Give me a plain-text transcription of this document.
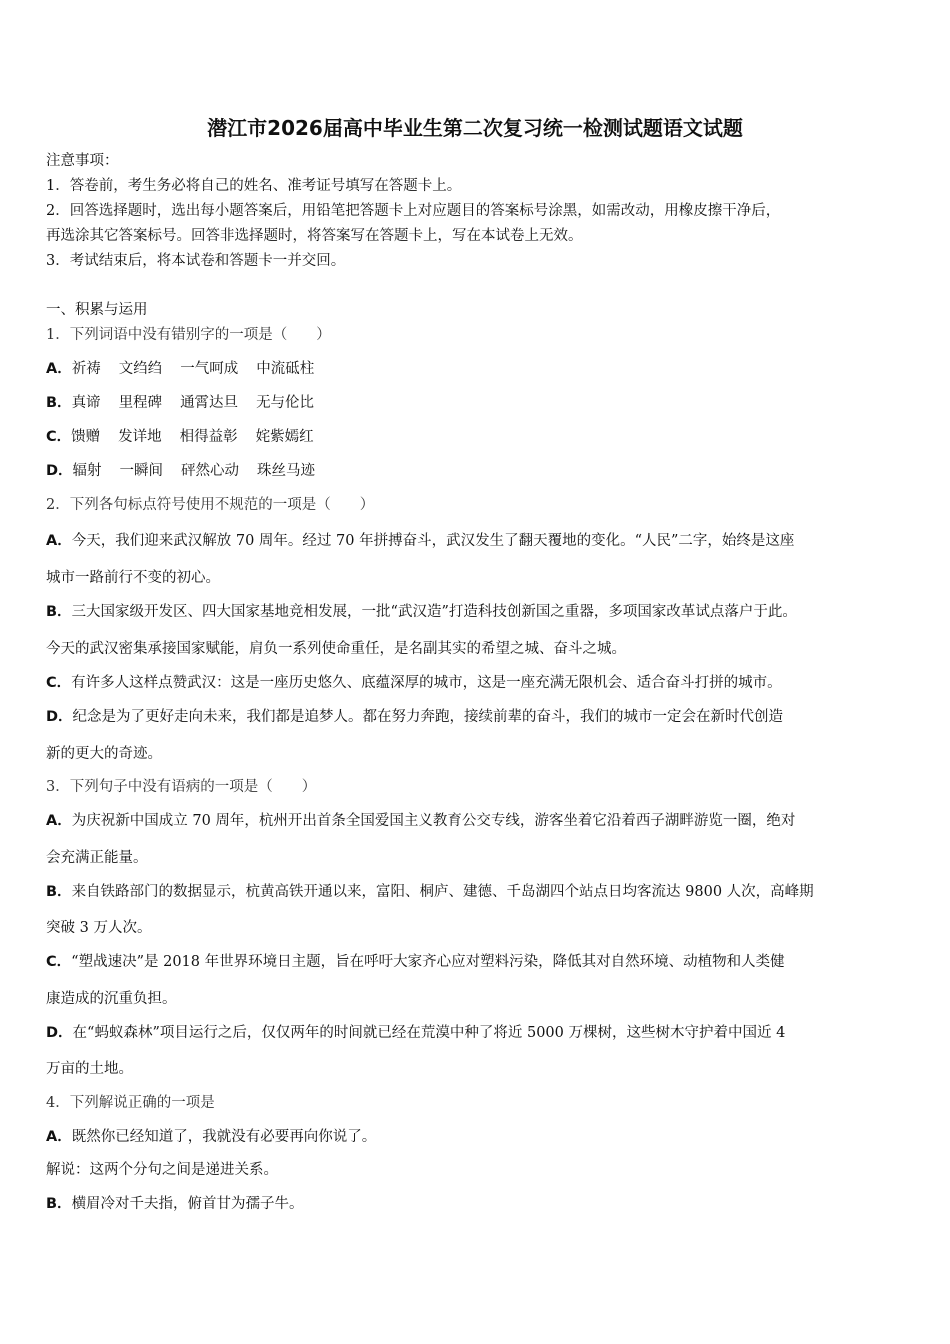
潜江市2026届高中毕业生第二次复习统一检测试题语文试题
注意事项：
1．答卷前，考生务必将自己的姓名、准考证号填写在答题卡上。
2．回答选择题时，选出每小题答案后，用铅笔把答题卡上对应题目的答案标号涂黑，如需改动，用橡皮擦干净后，
再选涂其它答案标号。回答非选择题时，将答案写在答题卡上，写在本试卷上无效。
3．考试结束后，将本试卷和答题卡一并交回。
一、积累与运用
1．下列词语中没有错别字的一项是（　　）
A．祈祷 文绉绉 一气呵成 中流砥柱
B．真谛 里程碑 通霄达旦 无与伦比
C．馈赠 发详地 相得益彰 姹紫嫣红
D．辐射 一瞬间 砰然心动 珠丝马迹
2．下列各句标点符号使用不规范的一项是（　　）
A．今天，我们迎来武汉解放 70 周年。经过 70 年拼搏奋斗，武汉发生了翻天覆地的变化。“人民”二字，始终是这座
城市一路前行不变的初心。
B．三大国家级开发区、四大国家基地竞相发展，一批“武汉造”打造科技创新国之重器，多项国家改革试点落户于此。
今天的武汉密集承接国家赋能，肩负一系列使命重任，是名副其实的希望之城、奋斗之城。
C．有许多人这样点赞武汉：这是一座历史悠久、底蕴深厚的城市，这是一座充满无限机会、适合奋斗打拼的城市。
D．纪念是为了更好走向未来，我们都是追梦人。都在努力奔跑，接续前辈的奋斗，我们的城市一定会在新时代创造
新的更大的奇迹。
3．下列句子中没有语病的一项是（　　）
A．为庆祝新中国成立 70 周年，杭州开出首条全国爱国主义教育公交专线，游客坐着它沿着西子湖畔游览一圈，绝对
会充满正能量。
B．来自铁路部门的数据显示，杭黄高铁开通以来，富阳、桐庐、建德、千岛湖四个站点日均客流达 9800 人次，高峰期
突破 3 万人次。
C．“塑战速决”是 2018 年世界环境日主题，旨在呼吁大家齐心应对塑料污染，降低其对自然环境、动植物和人类健
康造成的沉重负担。
D．在“蚂蚁森林”项目运行之后，仅仅两年的时间就已经在荒漠中种了将近 5000 万棵树，这些树木守护着中国近 4
万亩的土地。
4．下列解说正确的一项是
A．既然你已经知道了，我就没有必要再向你说了。
解说：这两个分句之间是递进关系。
B．横眉冷对千夫指，俯首甘为孺子牛。
